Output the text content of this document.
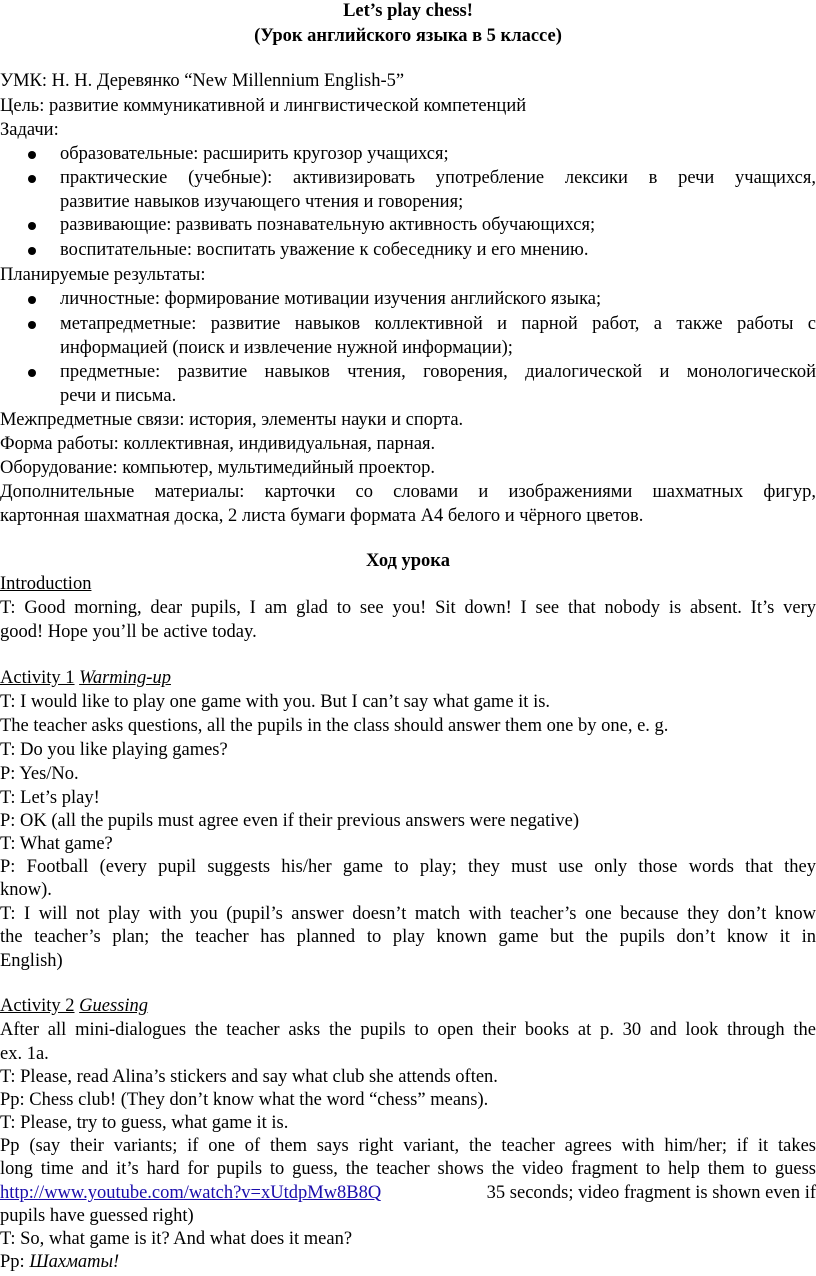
Let’s play chess!
(Урок английского языка в 5 классе)
УМК: Н. Н. Деревянко “New Millennium English-5”
Цель: развитие коммуникативной и лингвистической компетенций
Задачи:
образовательные: расширить кругозор учащихся;
практические (учебные): активизировать употребление лексики в речи учащихся,
развитие навыков изучающего чтения и говорения;
развивающие: развивать познавательную активность обучающихся;
воспитательные: воспитать уважение к собеседнику и его мнению.
Планируемые результаты:
личностные: формирование мотивации изучения английского языка;
метапредметные: развитие навыков коллективной и парной работ, а также работы с
информацией (поиск и извлечение нужной информации);
предметные: развитие навыков чтения, говорения, диалогической и монологической
речи и письма.
Межпредметные связи: история, элементы науки и спорта.
Форма работы: коллективная, индивидуальная, парная.
Оборудование: компьютер, мультимедийный проектор.
Дополнительные материалы: карточки со словами и изображениями шахматных фигур,
картонная шахматная доска, 2 листа бумаги формата А4 белого и чёрного цветов.
Ход урока
Introduction
T: Good morning, dear pupils, I am glad to see you! Sit down! I see that nobody is absent. It’s very
good! Hope you’ll be active today.
Activity 1 Warming-up
T: I would like to play one game with you. But I can’t say what game it is.
The teacher asks questions, all the pupils in the class should answer them one by one, e. g.
T: Do you like playing games?
P: Yes/No.
T: Let’s play!
P: OK (all the pupils must agree even if their previous answers were negative)
T: What game?
P: Football (every pupil suggests his/her game to play; they must use only those words that they
know).
T: I will not play with you (pupil’s answer doesn’t match with teacher’s one because they don’t know
the teacher’s plan; the teacher has planned to play known game but the pupils don’t know it in
English)
Activity 2 Guessing
After all mini-dialogues the teacher asks the pupils to open their books at p. 30 and look through the
ex. 1a.
T: Please, read Alina’s stickers and say what club she attends often.
Pp: Chess club! (They don’t know what the word “chess” means).
T: Please, try to guess, what game it is.
Pp (say their variants; if one of them says right variant, the teacher agrees with him/her; if it takes
long time and it’s hard for pupils to guess, the teacher shows the video fragment to help them to guess
http://www.youtube.com/watch?v=xUtdpMw8B8Q	35 seconds; video fragment is shown even if
pupils have guessed right)
T: So, what game is it? And what does it mean?
Pp: Шахматы!
